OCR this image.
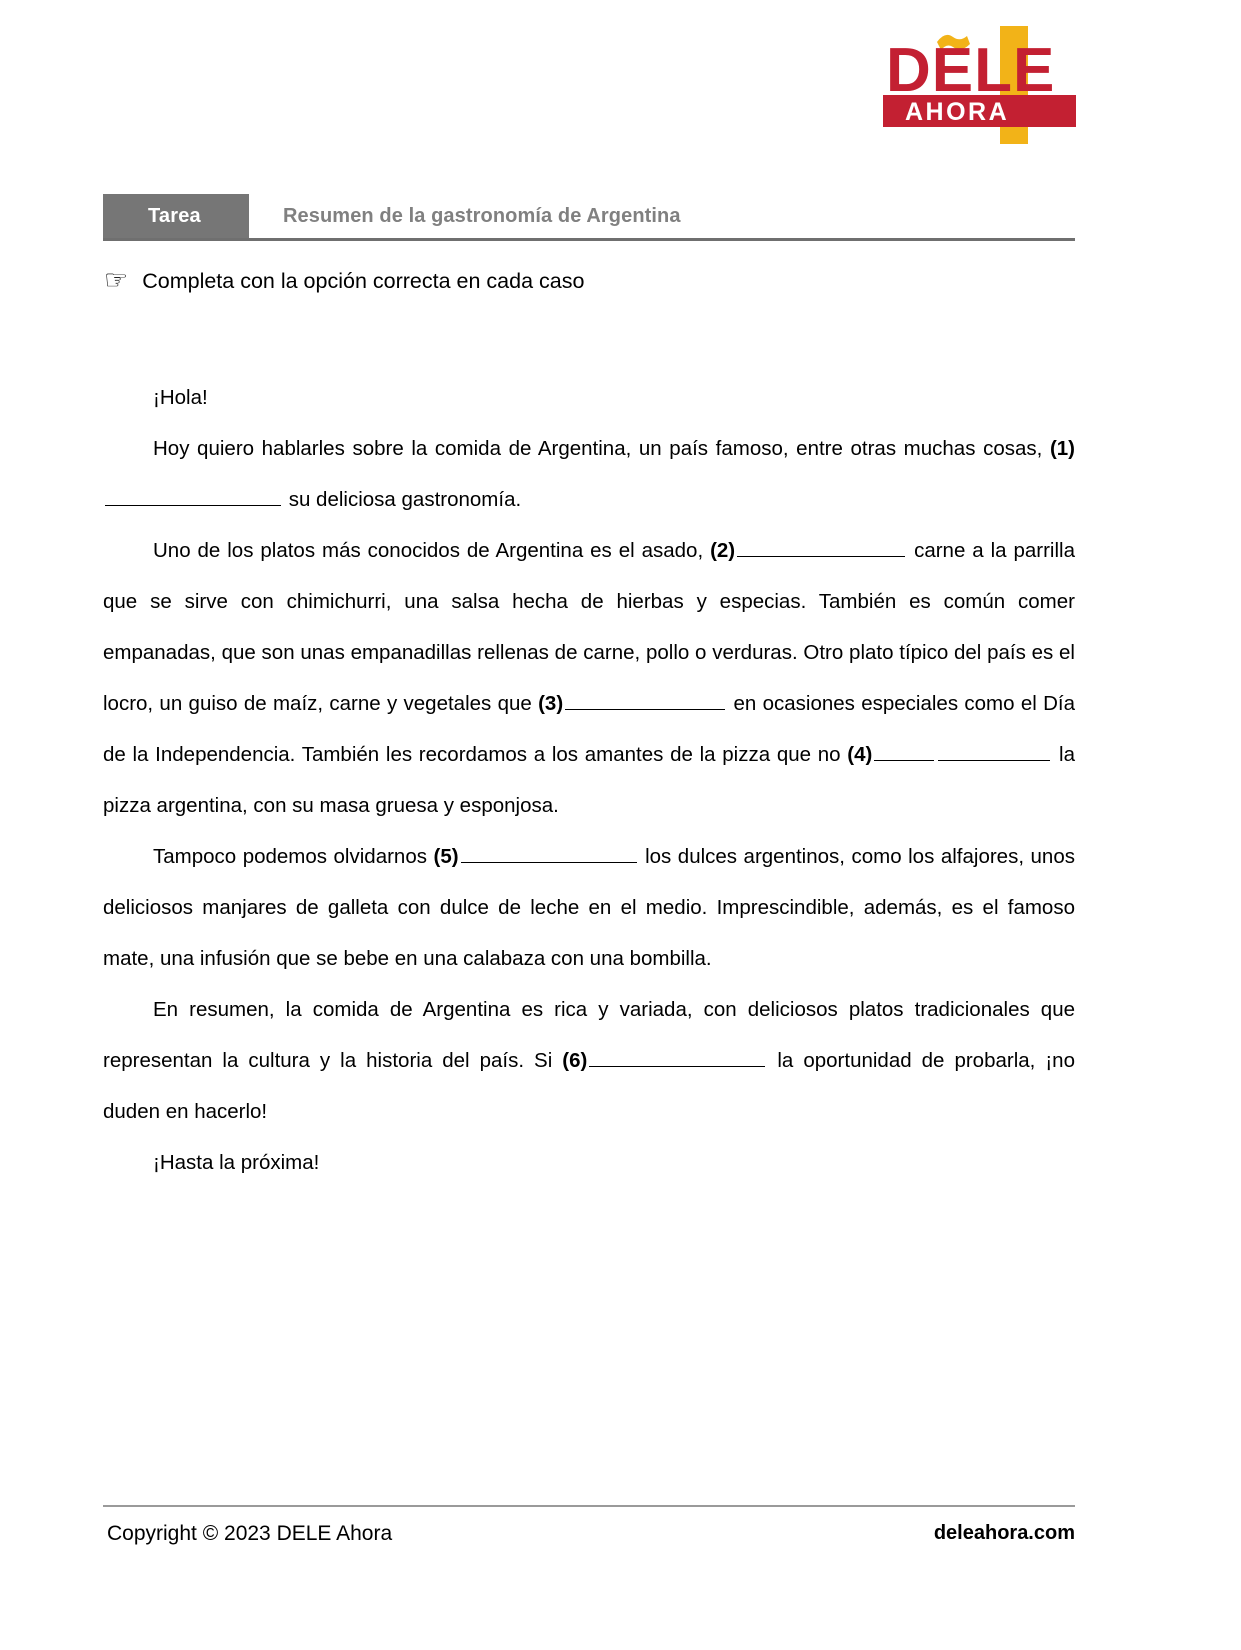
DELE
AHORA
Tarea	Resumen de la gastronomía de Argentina
☞ Completa con la opción correcta en cada caso

¡Hola!

Hoy quiero hablarles sobre la comida de Argentina, un país famoso, entre otras muchas cosas, (1) su deliciosa gastronomía.

Uno de los platos más conocidos de Argentina es el asado, (2)	carne a la parrilla que se sirve con chimichurri, una salsa hecha de hierbas y especias. También es común comer empanadas, que son unas empanadillas rellenas de carne, pollo o verduras. Otro plato típico del país es el locro, un guiso de maíz, carne y vegetales que (3)	en ocasiones especiales como el Día de la Independencia. También les recordamos a los amantes de la pizza que no (4)	la pizza argentina, con su masa gruesa y esponjosa.

Tampoco podemos olvidarnos (5)	los dulces argentinos, como los alfajores, unos deliciosos manjares de galleta con dulce de leche en el medio. Imprescindible, además, es el famoso mate, una infusión que se bebe en una calabaza con una bombilla.

En resumen, la comida de Argentina es rica y variada, con deliciosos platos tradicionales que representan la cultura y la historia del país. Si (6)	la oportunidad de probarla, ¡no duden en hacerlo!

¡Hasta la próxima!

Copyright © 2023 DELE Ahora	deleahora.com
